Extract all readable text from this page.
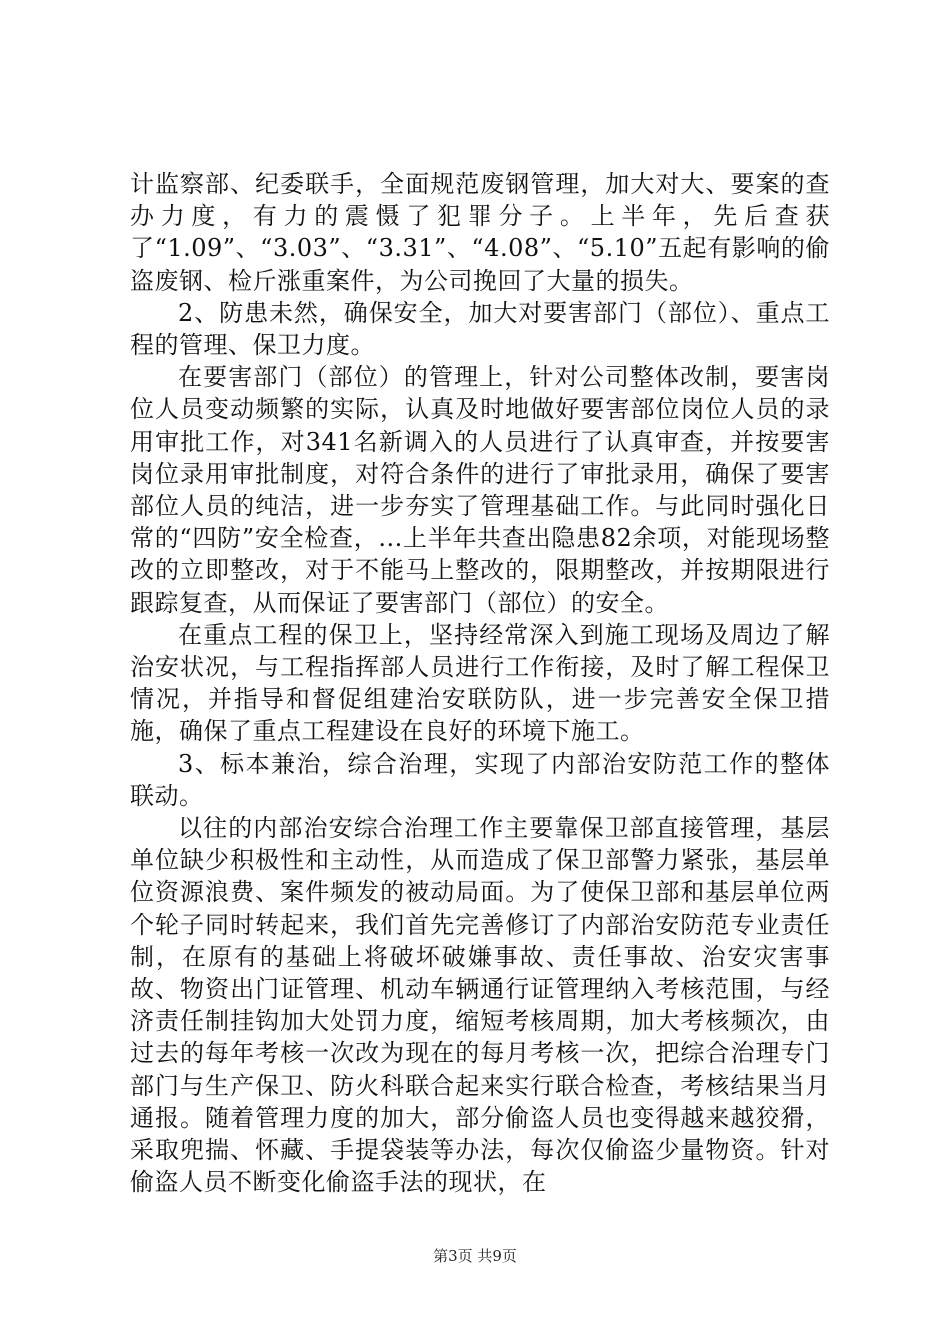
计监察部、纪委联手，全面规范废钢管理，加大对大、要案的查办力度，有力的震慑了犯罪分子。上半年，先后查获了“1.09”、“3.03”、“3.31”、“4.08”、“5.10”五起有影响的偷盗废钢、检斤涨重案件，为公司挽回了大量的损失。

2、防患未然，确保安全，加大对要害部门（部位）、重点工程的管理、保卫力度。

在要害部门（部位）的管理上，针对公司整体改制，要害岗位人员变动频繁的实际，认真及时地做好要害部位岗位人员的录用审批工作，对341名新调入的人员进行了认真审查，并按要害岗位录用审批制度，对符合条件的进行了审批录用，确保了要害部位人员的纯洁，进一步夯实了管理基础工作。与此同时强化日常的“四防”安全检查，...上半年共查出隐患82余项，对能现场整改的立即整改，对于不能马上整改的，限期整改，并按期限进行跟踪复查，从而保证了要害部门（部位）的安全。

在重点工程的保卫上，坚持经常深入到施工现场及周边了解治安状况，与工程指挥部人员进行工作衔接，及时了解工程保卫情况，并指导和督促组建治安联防队，进一步完善安全保卫措施，确保了重点工程建设在良好的环境下施工。

3、标本兼治，综合治理，实现了内部治安防范工作的整体联动。

以往的内部治安综合治理工作主要靠保卫部直接管理，基层单位缺少积极性和主动性，从而造成了保卫部警力紧张，基层单位资源浪费、案件频发的被动局面。为了使保卫部和基层单位两个轮子同时转起来，我们首先完善修订了内部治安防范专业责任制，在原有的基础上将破坏破嫌事故、责任事故、治安灾害事故、物资出门证管理、机动车辆通行证管理纳入考核范围，与经济责任制挂钩加大处罚力度，缩短考核周期，加大考核频次，由过去的每年考核一次改为现在的每月考核一次，把综合治理专门部门与生产保卫、防火科联合起来实行联合检查，考核结果当月通报。随着管理力度的加大，部分偷盗人员也变得越来越狡猾，采取兜揣、怀藏、手提袋装等办法，每次仅偷盗少量物资。针对偷盗人员不断变化偷盗手法的现状，在

第3页 共9页
